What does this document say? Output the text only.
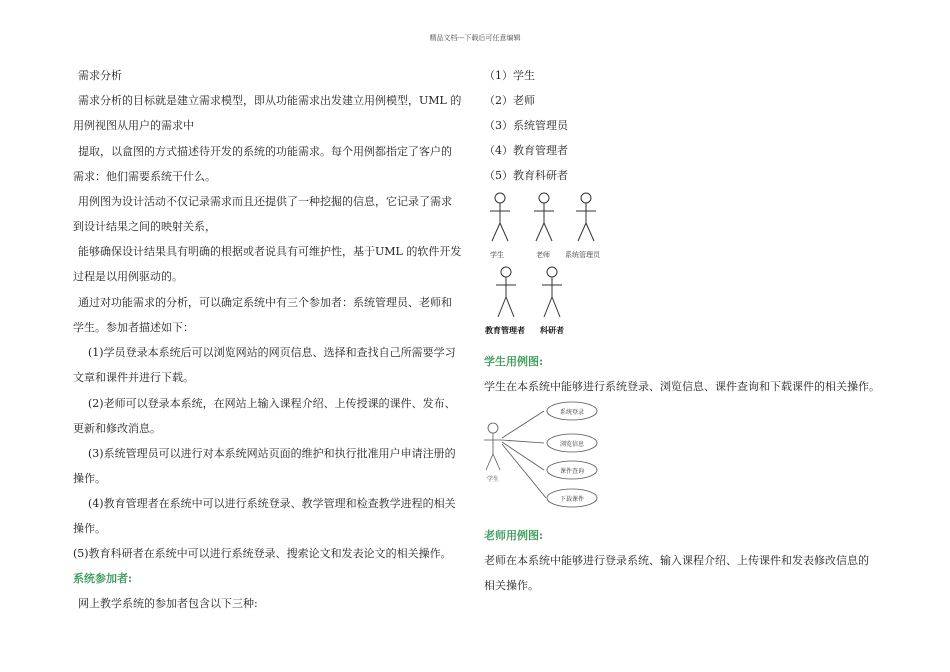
精品文档---下载后可任意编辑
需求分析
需求分析的目标就是建立需求模型，即从功能需求出发建立用例模型，UML 的
用例视图从用户的需求中
提取，以盒图的方式描述待开发的系统的功能需求。每个用例都指定了客户的
需求：他们需要系统干什么。
用例图为设计活动不仅记录需求而且还提供了一种挖掘的信息，它记录了需求
到设计结果之间的映射关系，
能够确保设计结果具有明确的根据或者说具有可维护性，基于UML 的软件开发
过程是以用例驱动的。
通过对功能需求的分析，可以确定系统中有三个参加者：系统管理员、老师和
学生。参加者描述如下：
(1)学员登录本系统后可以浏览网站的网页信息、选择和查找自己所需要学习
文章和课件并进行下载。
(2)老师可以登录本系统，在网站上输入课程介绍、上传授课的课件、发布、
更新和修改消息。
(3)系统管理员可以进行对本系统网站页面的维护和执行批准用户申请注册的
操作。
(4)教育管理者在系统中可以进行系统登录、教学管理和检查教学进程的相关
操作。
(5)教育科研者在系统中可以进行系统登录、搜索论文和发表论文的相关操作。
系统参加者:
网上教学系统的参加者包含以下三种:
（1）学生
（2）老师
（3）系统管理员
（4）教育管理者
（5）教育科研者
学生	老师 系统管理员
教育管理者 科研者
学生用例图:
学生在本系统中能够进行系统登录、浏览信息、课件查询和下载课件的相关操作。
学生
系统登录
浏览信息
课件查询
下载课件
老师用例图:
老师在本系统中能够进行登录系统、输入课程介绍、上传课件和发表修改信息的
相关操作。
